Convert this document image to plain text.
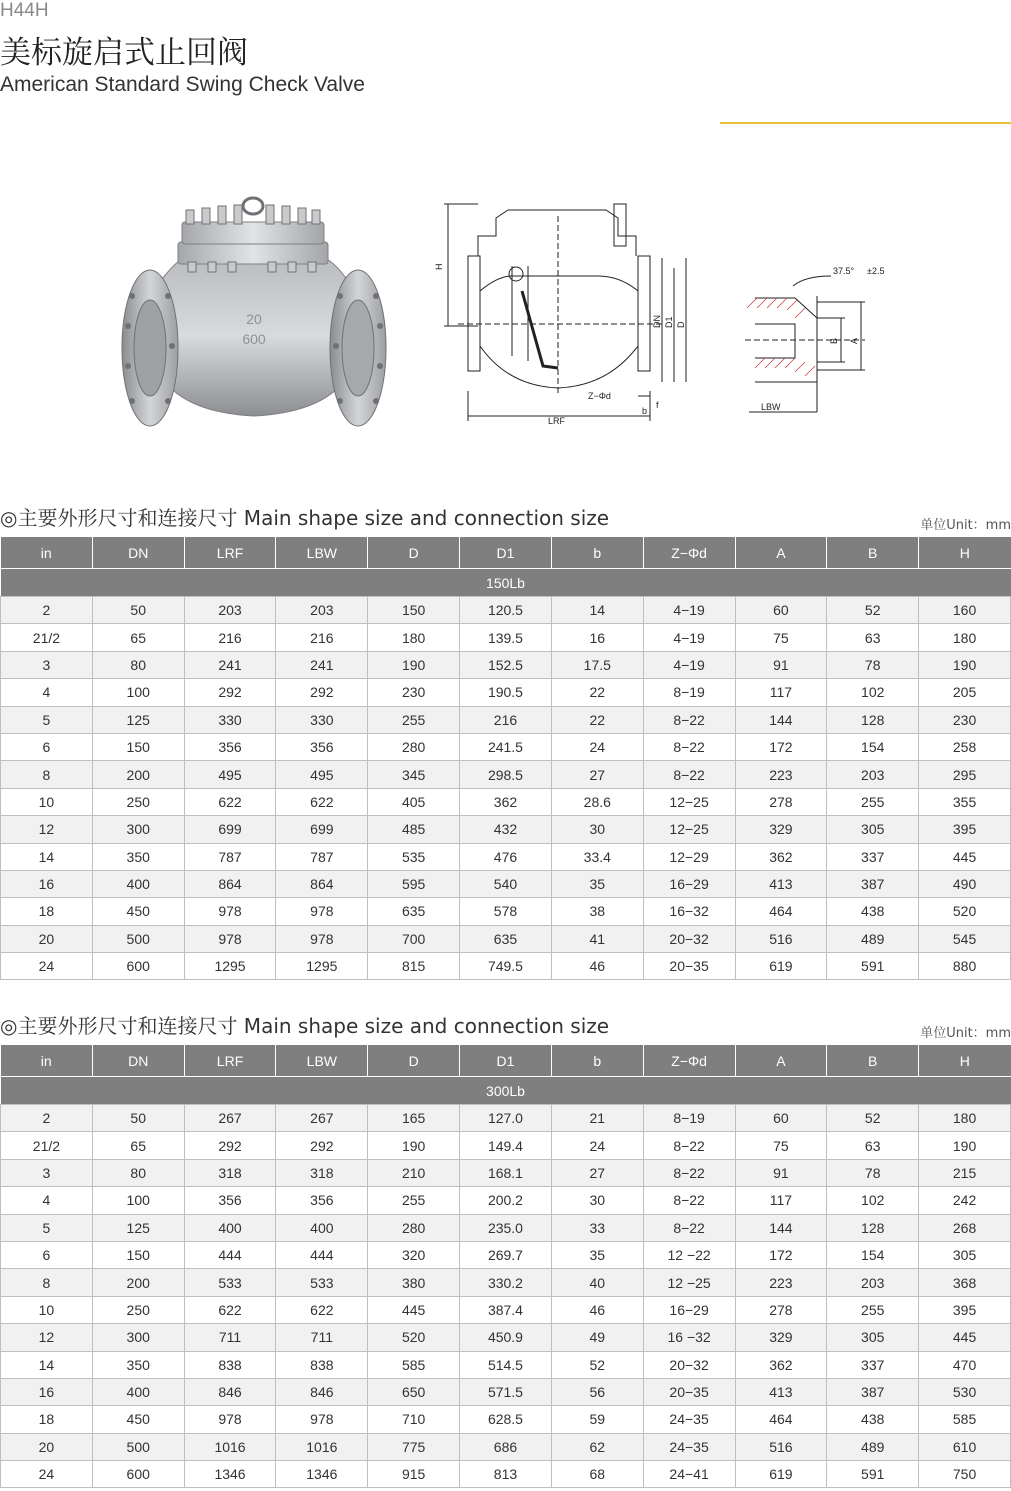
H44H
美标旋启式止回阀
American Standard Swing Check Valve
20
600
H
DN D1 D
Z−Φd
b
f
LRF
37.5° ±2.5
B A
LBW
◎主要外形尺寸和连接尺寸 Main shape size and connection size	单位Unit：mm
in	DN	LRF	LBW	D	D1	b	Z−Φd	A	B	H
150Lb										
2	50	203	203	150	120.5	14	4−19	60	52	160
21/2	65	216	216	180	139.5	16	4−19	75	63	180
3	80	241	241	190	152.5	17.5	4−19	91	78	190
4	100	292	292	230	190.5	22	8−19	117	102	205
5	125	330	330	255	216	22	8−22	144	128	230
6	150	356	356	280	241.5	24	8−22	172	154	258
8	200	495	495	345	298.5	27	8−22	223	203	295
10	250	622	622	405	362	28.6	12−25	278	255	355
12	300	699	699	485	432	30	12−25	329	305	395
14	350	787	787	535	476	33.4	12−29	362	337	445
16	400	864	864	595	540	35	16−29	413	387	490
18	450	978	978	635	578	38	16−32	464	438	520
20	500	978	978	700	635	41	20−32	516	489	545
24	600	1295	1295	815	749.5	46	20−35	619	591	880
◎主要外形尺寸和连接尺寸 Main shape size and connection size	单位Unit：mm
in	DN	LRF	LBW	D	D1	b	Z−Φd	A	B	H
300Lb										
2	50	267	267	165	127.0	21	8−19	60	52	180
21/2	65	292	292	190	149.4	24	8−22	75	63	190
3	80	318	318	210	168.1	27	8−22	91	78	215
4	100	356	356	255	200.2	30	8−22	117	102	242
5	125	400	400	280	235.0	33	8−22	144	128	268
6	150	444	444	320	269.7	35	12 −22	172	154	305
8	200	533	533	380	330.2	40	12 −25	223	203	368
10	250	622	622	445	387.4	46	16−29	278	255	395
12	300	711	711	520	450.9	49	16 −32	329	305	445
14	350	838	838	585	514.5	52	20−32	362	337	470
16	400	846	846	650	571.5	56	20−35	413	387	530
18	450	978	978	710	628.5	59	24−35	464	438	585
20	500	1016	1016	775	686	62	24−35	516	489	610
24	600	1346	1346	915	813	68	24−41	619	591	750
